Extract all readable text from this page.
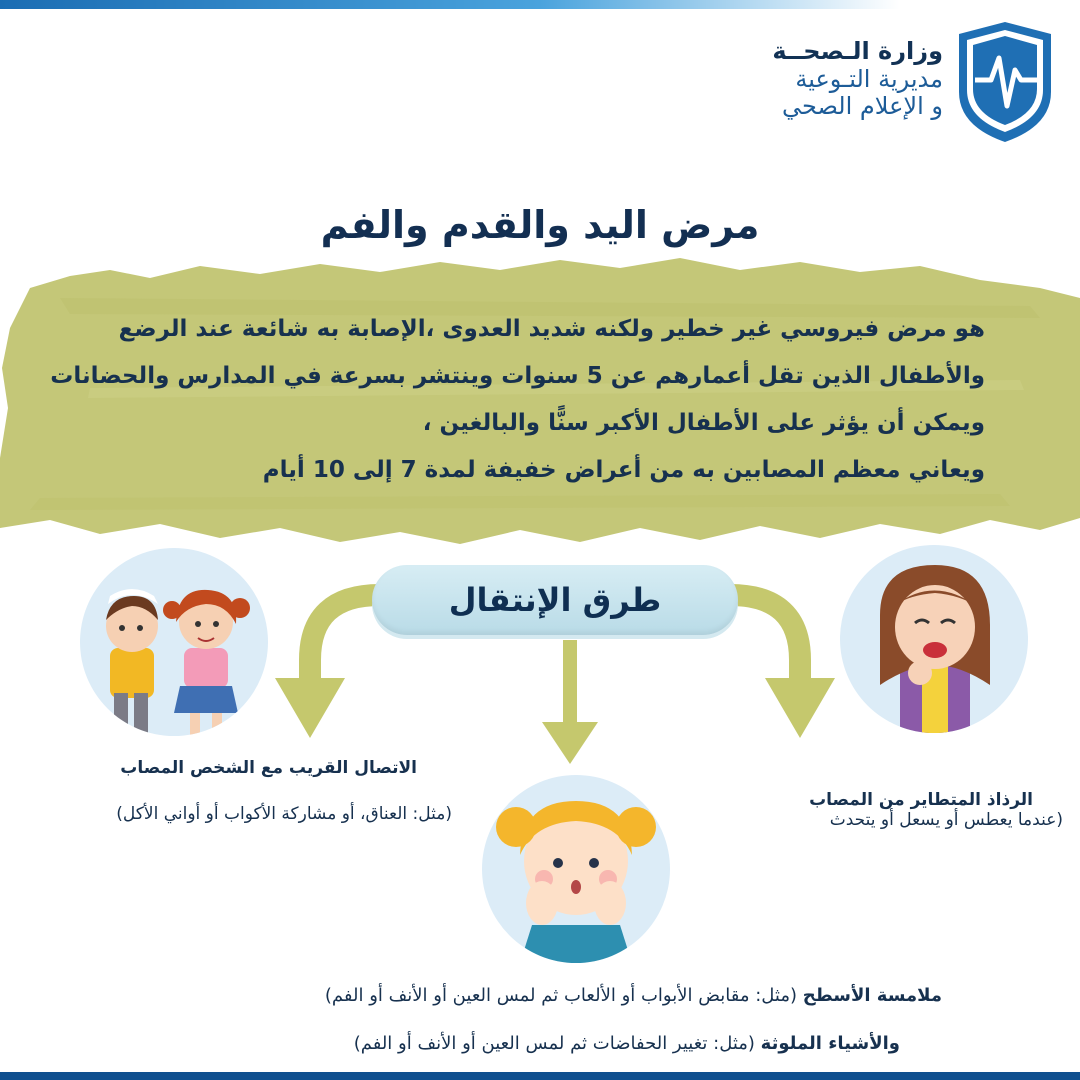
وزارة الـصحــة
مديرية التـوعية
و الإعلام الصحي
مرض اليد والقدم والفم
هو مرض فيروسي غير خطير ولكنه شديد العدوى ،الإصابة به شائعة عند الرضع
والأطفال الذين تقل أعمارهم عن 5 سنوات وينتشر بسرعة في المدارس والحضانات
ويمكن أن يؤثر على الأطفال الأكبر سنًّا والبالغين ،
ويعاني معظم المصابين به من أعراض خفيفة لمدة 7 إلى 10 أيام
طرق الإنتقال
الرذاذ المتطاير من المصاب
(عندما يعطس أو يسعل أو يتحدث
الاتصال القريب مع الشخص المصاب
(مثل: العناق، أو مشاركة الأكواب أو أواني الأكل)
ملامسة الأسطح (مثل: مقابض الأبواب أو الألعاب ثم لمس العين أو الأنف أو الفم)
والأشياء الملوثة (مثل: تغيير الحفاضات ثم لمس العين أو الأنف أو الفم)
